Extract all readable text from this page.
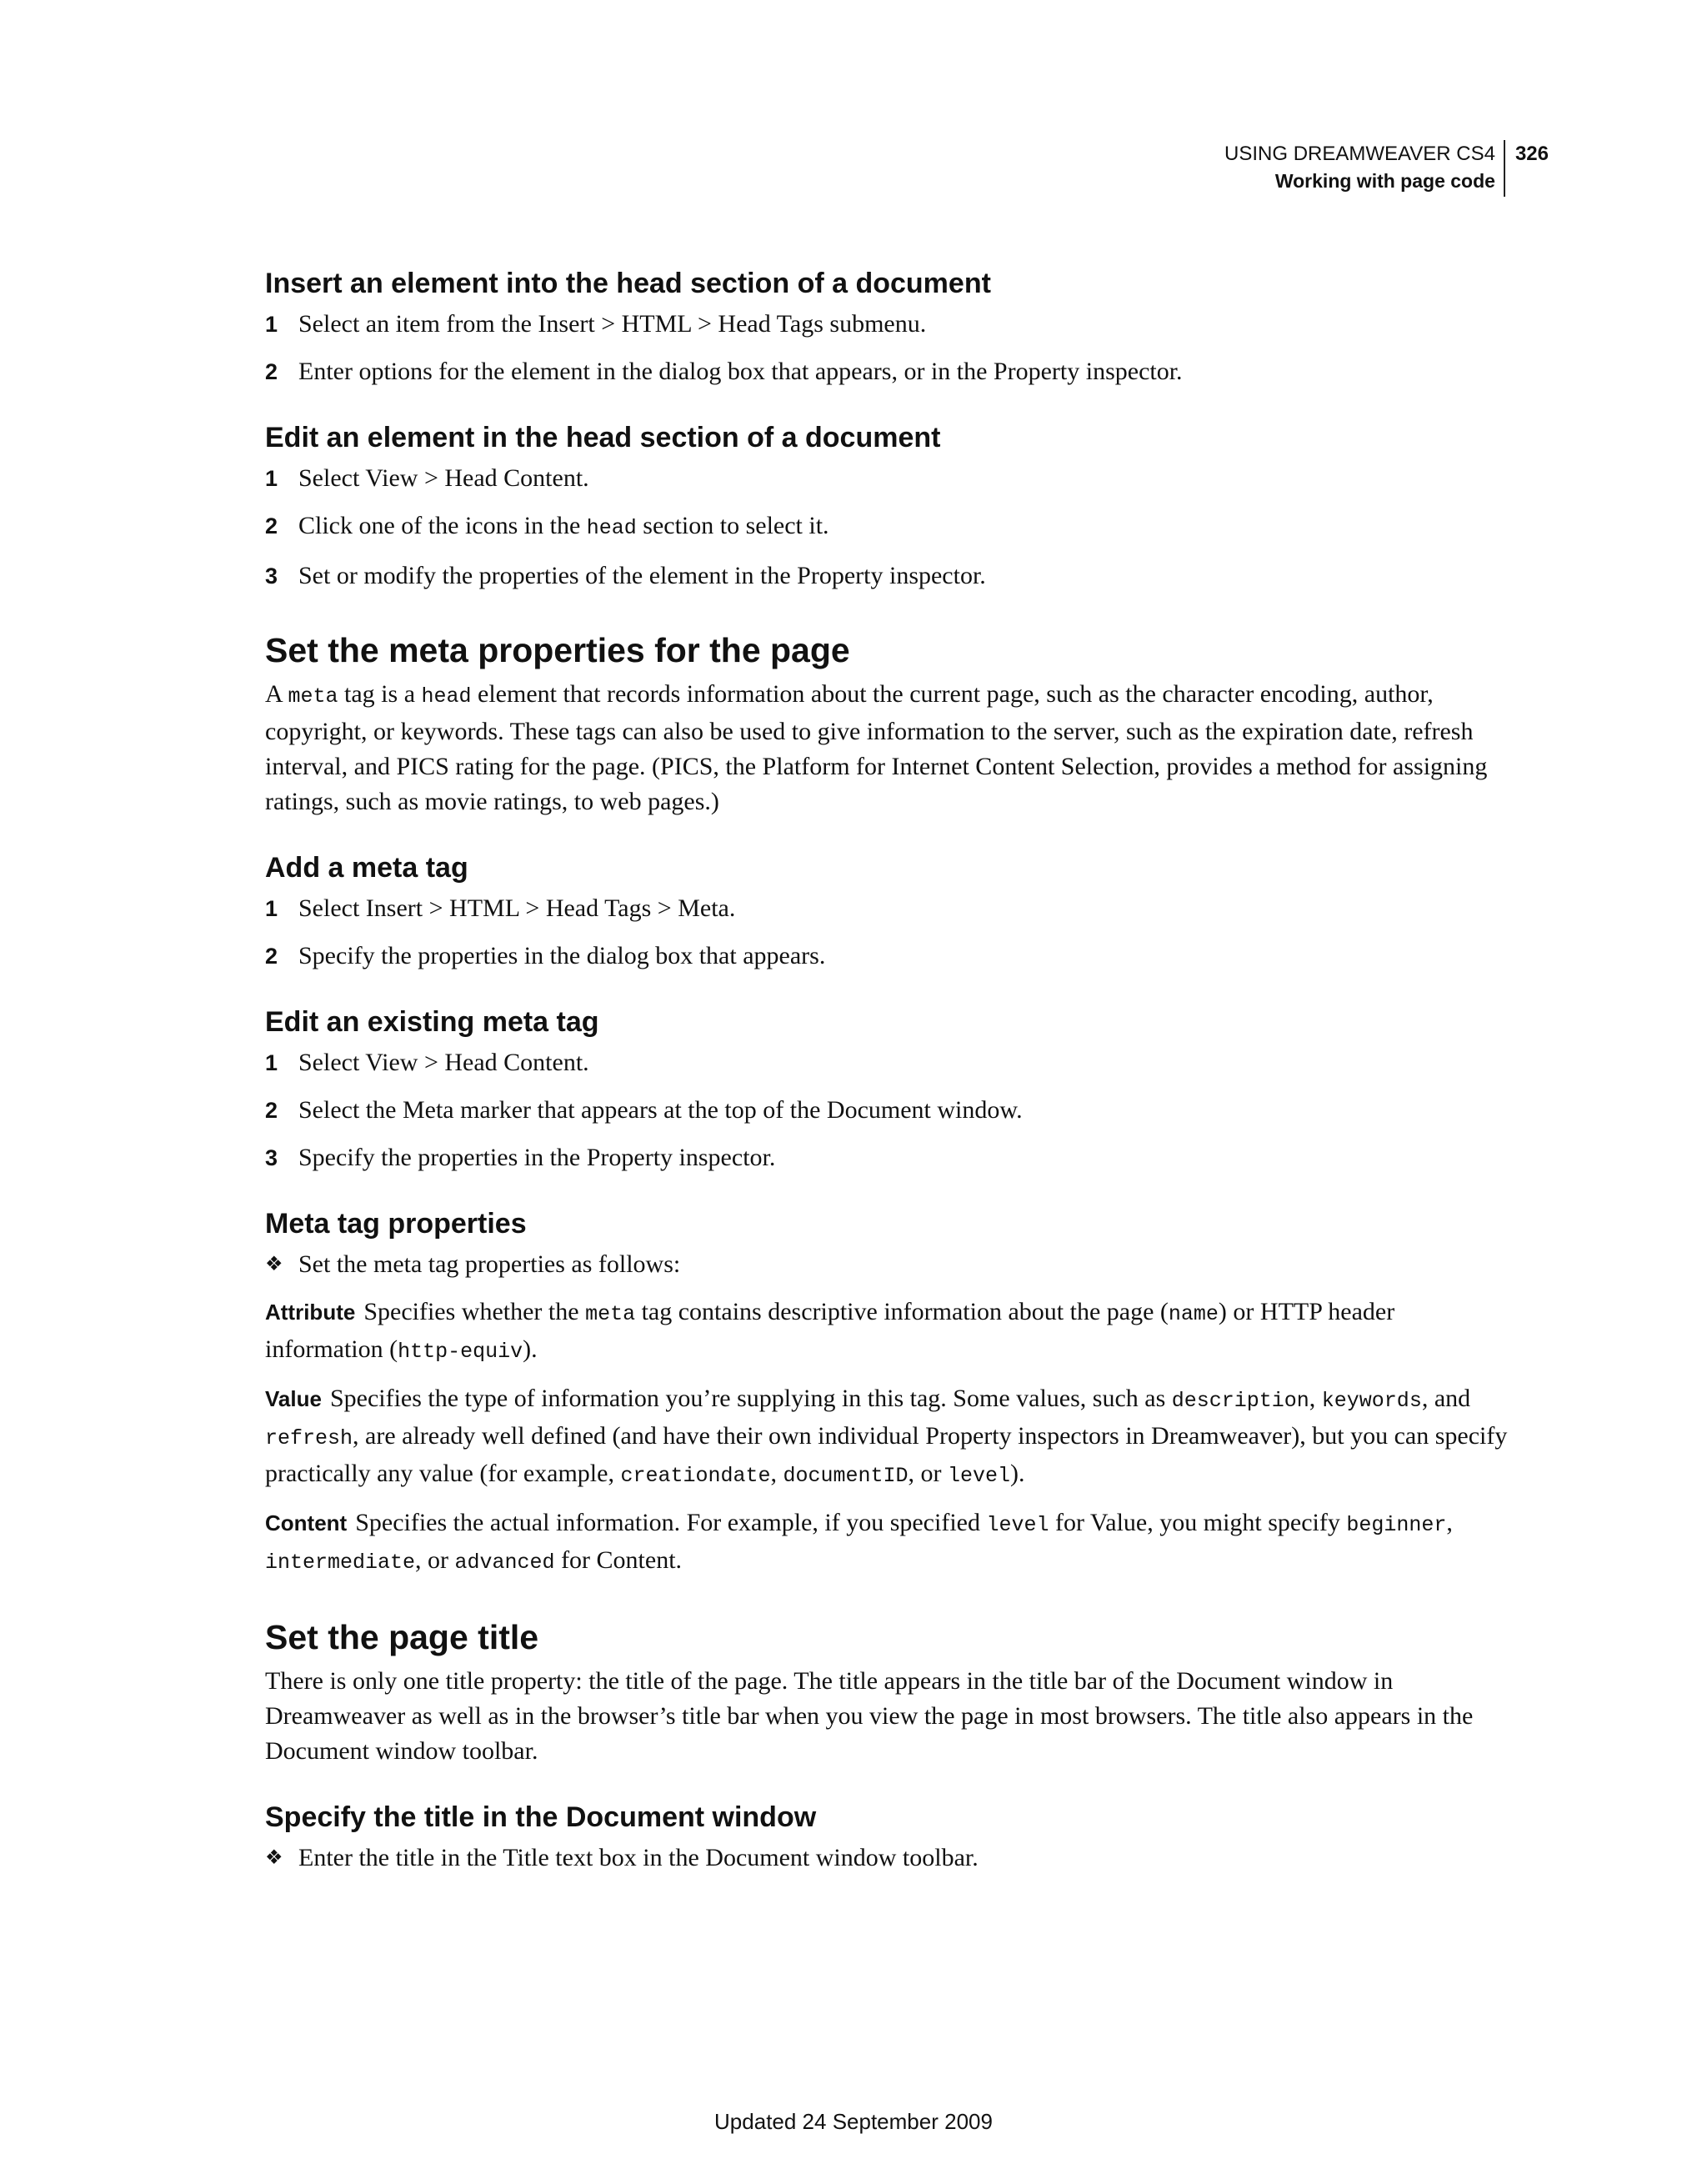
USING DREAMWEAVER CS4
Working with page code
326
Insert an element into the head section of a document
1 Select an item from the Insert > HTML > Head Tags submenu.

2 Enter options for the element in the dialog box that appears, or in the Property inspector.

Edit an element in the head section of a document
1 Select View > Head Content.

2 Click one of the icons in the head section to select it.

3 Set or modify the properties of the element in the Property inspector.

Set the meta properties for the page

A meta tag is a head element that records information about the current page, such as the character encoding, author, copyright, or keywords. These tags can also be used to give information to the server, such as the expiration date, refresh interval, and PICS rating for the page. (PICS, the Platform for Internet Content Selection, provides a method for assigning ratings, such as movie ratings, to web pages.)

Add a meta tag
1 Select Insert > HTML > Head Tags > Meta.

2 Specify the properties in the dialog box that appears.

Edit an existing meta tag
1 Select View > Head Content.

2 Select the Meta marker that appears at the top of the Document window.

3 Specify the properties in the Property inspector.

Meta tag properties
❖ Set the meta tag properties as follows:

Attribute Specifies whether the meta tag contains descriptive information about the page (name) or HTTP header information (http-equiv).

Value Specifies the type of information you’re supplying in this tag. Some values, such as description, keywords, and refresh, are already well defined (and have their own individual Property inspectors in Dreamweaver), but you can specify practically any value (for example, creationdate, documentID, or level).

Content Specifies the actual information. For example, if you specified level for Value, you might specify beginner, intermediate, or advanced for Content.

Set the page title

There is only one title property: the title of the page. The title appears in the title bar of the Document window in Dreamweaver as well as in the browser’s title bar when you view the page in most browsers. The title also appears in the Document window toolbar.

Specify the title in the Document window
❖ Enter the title in the Title text box in the Document window toolbar.

Updated 24 September 2009
